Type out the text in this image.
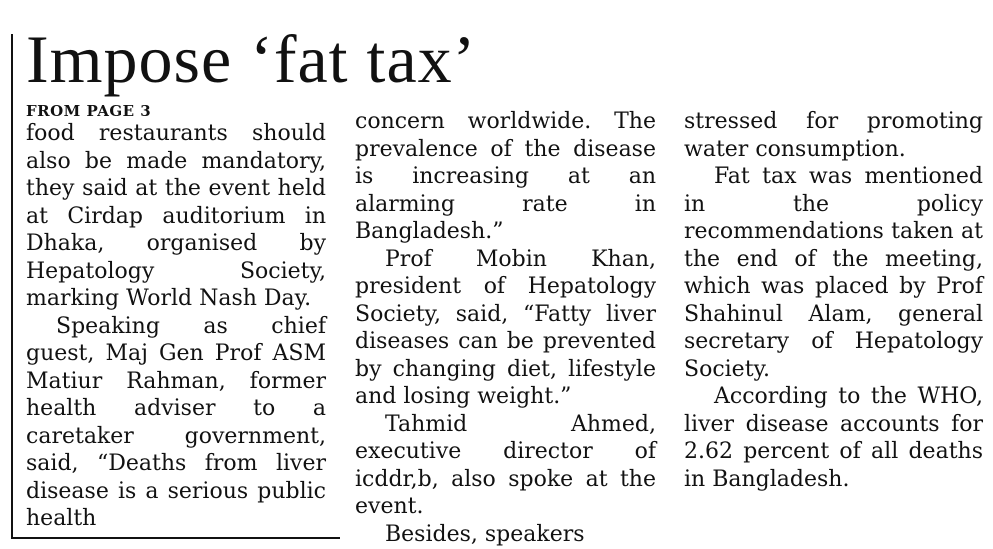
Impose ‘fat tax’
FROM PAGE 3

food restaurants should also be made mandatory, they said at the event held at Cirdap auditorium in Dhaka, organised by Hepatology Society, marking World Nash Day.

Speaking as chief guest, Maj Gen Prof ASM Matiur Rahman, former health adviser to a caretaker government, said, “Deaths from liver disease is a serious public health

concern worldwide. The prevalence of the disease is increasing at an alarming rate in Bangladesh.”

Prof Mobin Khan, president of Hepatology Society, said, “Fatty liver diseases can be prevented by changing diet, lifestyle and losing weight.”

Tahmid Ahmed, executive director of icddr,b, also spoke at the event.

Besides, speakers

stressed for promoting water consumption.

Fat tax was mentioned in the policy recommendations taken at the end of the meeting, which was placed by Prof Shahinul Alam, general secretary of Hepatology Society.

According to the WHO, liver disease accounts for 2.62 percent of all deaths in Bangladesh.
